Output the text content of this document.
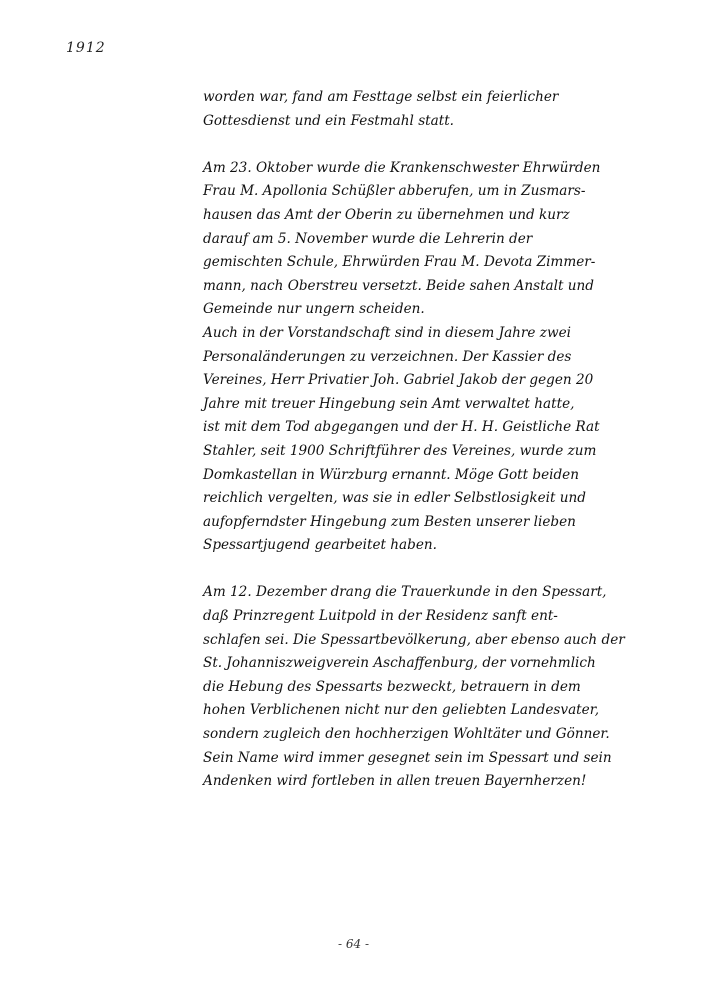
1912
worden war, fand am Festtage selbst ein feierlicher
Gottesdienst und ein Festmahl statt.
Am 23. Oktober wurde die Krankenschwester Ehrwürden
Frau M. Apollonia Schüßler abberufen, um in Zusmars-
hausen das Amt der Oberin zu übernehmen und kurz
darauf am 5. November wurde die Lehrerin der
gemischten Schule, Ehrwürden Frau M. Devota Zimmer-
mann, nach Oberstreu versetzt. Beide sahen Anstalt und
Gemeinde nur ungern scheiden.
Auch in der Vorstandschaft sind in diesem Jahre zwei
Personaländerungen zu verzeichnen. Der Kassier des
Vereines, Herr Privatier Joh. Gabriel Jakob der gegen 20
Jahre mit treuer Hingebung sein Amt verwaltet hatte,
ist mit dem Tod abgegangen und der H. H. Geistliche Rat
Stahler, seit 1900 Schriftführer des Vereines, wurde zum
Domkastellan in Würzburg ernannt. Möge Gott beiden
reichlich vergelten, was sie in edler Selbstlosigkeit und
aufopferndster Hingebung zum Besten unserer lieben
Spessartjugend gearbeitet haben.
Am 12. Dezember drang die Trauerkunde in den Spessart,
daß Prinzregent Luitpold in der Residenz sanft ent-
schlafen sei. Die Spessartbevölkerung, aber ebenso auch der
St. Johanniszweigverein Aschaffenburg, der vornehmlich
die Hebung des Spessarts bezweckt, betrauern in dem
hohen Verblichenen nicht nur den geliebten Landesvater,
sondern zugleich den hochherzigen Wohltäter und Gönner.
Sein Name wird immer gesegnet sein im Spessart und sein
Andenken wird fortleben in allen treuen Bayernherzen!
- 64 -
